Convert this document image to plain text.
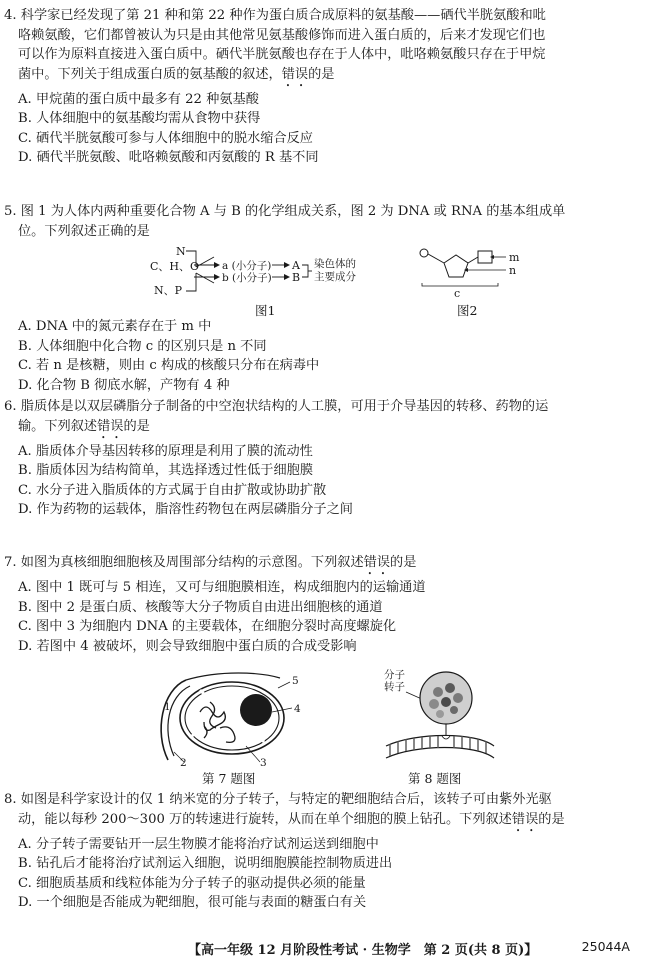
4. 科学家已经发现了第 21 种和第 22 种作为蛋白质合成原料的氨基酸——硒代半胱氨酸和吡
咯赖氨酸，它们都曾被认为只是由其他常见氨基酸修饰而进入蛋白质的，后来才发现它们也
可以作为原料直接进入蛋白质中。硒代半胱氨酸也存在于人体中，吡咯赖氨酸只存在于甲烷
菌中。下列关于组成蛋白质的氨基酸的叙述，错误的是
A. 甲烷菌的蛋白质中最多有 22 种氨基酸
B. 人体细胞中的氨基酸均需从食物中获得
C. 硒代半胱氨酸可参与人体细胞中的脱水缩合反应
D. 硒代半胱氨酸、吡咯赖氨酸和丙氨酸的 R 基不同
5. 图 1 为人体内两种重要化合物 A 与 B 的化学组成关系，图 2 为 DNA 或 RNA 的基本组成单
位。下列叙述正确的是
N
C、H、O
N、P
a (小分子)
b (小分子)
A
B
染色体的
主要成分
图1
m
n
c
图2
A. DNA 中的氮元素存在于 m 中
B. 人体细胞中化合物 c 的区别只是 n 不同
C. 若 n 是核糖，则由 c 构成的核酸只分布在病毒中
D. 化合物 B 彻底水解，产物有 4 种
6. 脂质体是以双层磷脂分子制备的中空泡状结构的人工膜，可用于介导基因的转移、药物的运
输。下列叙述错误的是
A. 脂质体介导基因转移的原理是利用了膜的流动性
B. 脂质体因为结构简单，其选择透过性低于细胞膜
C. 水分子进入脂质体的方式属于自由扩散或协助扩散
D. 作为药物的运载体，脂溶性药物包在两层磷脂分子之间
7. 如图为真核细胞细胞核及周围部分结构的示意图。下列叙述错误的是
A. 图中 1 既可与 5 相连，又可与细胞膜相连，构成细胞内的运输通道
B. 图中 2 是蛋白质、核酸等大分子物质自由进出细胞核的通道
C. 图中 3 为细胞内 DNA 的主要载体，在细胞分裂时高度螺旋化
D. 若图中 4 被破坏，则会导致细胞中蛋白质的合成受影响
1
2	3
4
5
第 7 题图
分子
转子
第 8 题图
8. 如图是科学家设计的仅 1 纳米宽的分子转子，与特定的靶细胞结合后，该转子可由紫外光驱
动，能以每秒 200～300 万的转速进行旋转，从而在单个细胞的膜上钻孔。下列叙述错误的是
A. 分子转子需要钻开一层生物膜才能将治疗试剂运送到细胞中
B. 钻孔后才能将治疗试剂运入细胞，说明细胞膜能控制物质进出
C. 细胞质基质和线粒体能为分子转子的驱动提供必须的能量
D. 一个细胞是否能成为靶细胞，很可能与表面的糖蛋白有关
【高一年级 12 月阶段性考试 · 生物学　第 2 页(共 8 页)】	25044A
